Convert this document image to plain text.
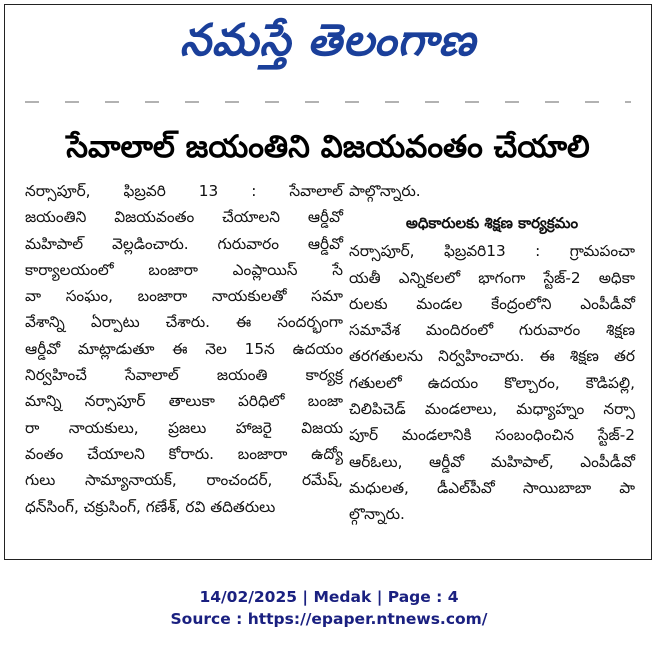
నమస్తే తెలంగాణ
సేవాలాల్ జయంతిని విజయవంతం చేయాలి

నర్సాపూర్, ఫిబ్రవరి 13 : సేవాలాల్
జయంతిని విజయవంతం చేయాలని ఆర్డీవో
మహిపాల్ వెల్లడించారు. గురువారం ఆర్డీవో
కార్యాలయంలో బంజారా ఎంప్లాయిస్ సే
వా సంఘం, బంజారా నాయకులతో సమా
వేశాన్ని ఏర్పాటు చేశారు. ఈ సందర్భంగా
ఆర్డీవో మాట్లాడుతూ ఈ నెల 15న ఉదయం
నిర్వహించే సేవాలాల్ జయంతి కార్యక్ర
మాన్ని నర్సాపూర్ తాలుకా పరిధిలో బంజా
రా నాయకులు, ప్రజలు హాజరై విజయ
వంతం చేయాలని కోరారు. బంజారా ఉద్యో
గులు సామ్యానాయక్, రాంచందర్, రమేష్,
ధన్‌సింగ్, చక్రుసింగ్, గణేశ్, రవి తదితరులు

పాల్గొన్నారు.
అధికారులకు శిక్షణ కార్యక్రమం

నర్సాపూర్, ఫిబ్రవరి13 : గ్రామపంచా
యతీ ఎన్నికలలో భాగంగా స్టేజ్-2 అధికా
రులకు మండల కేంద్రంలోని ఎంపీడీవో
సమావేశ మందిరంలో గురువారం శిక్షణ
తరగతులను నిర్వహించారు. ఈ శిక్షణ తర
గతులలో ఉదయం కొల్చారం, కౌడిపల్లి,
చిలిపిచెడ్ మండలాలు, మధ్యాహ్నం నర్సా
పూర్ మండలానికి సంబంధించిన స్టేజ్-2
ఆర్ఓలు, ఆర్డీవో మహిపాల్, ఎంపీడీవో
మధులత, డీఎల్‌పీవో సాయిబాబా పా
ల్గొన్నారు.

14/02/2025 | Medak | Page : 4
Source : https://epaper.ntnews.com/
